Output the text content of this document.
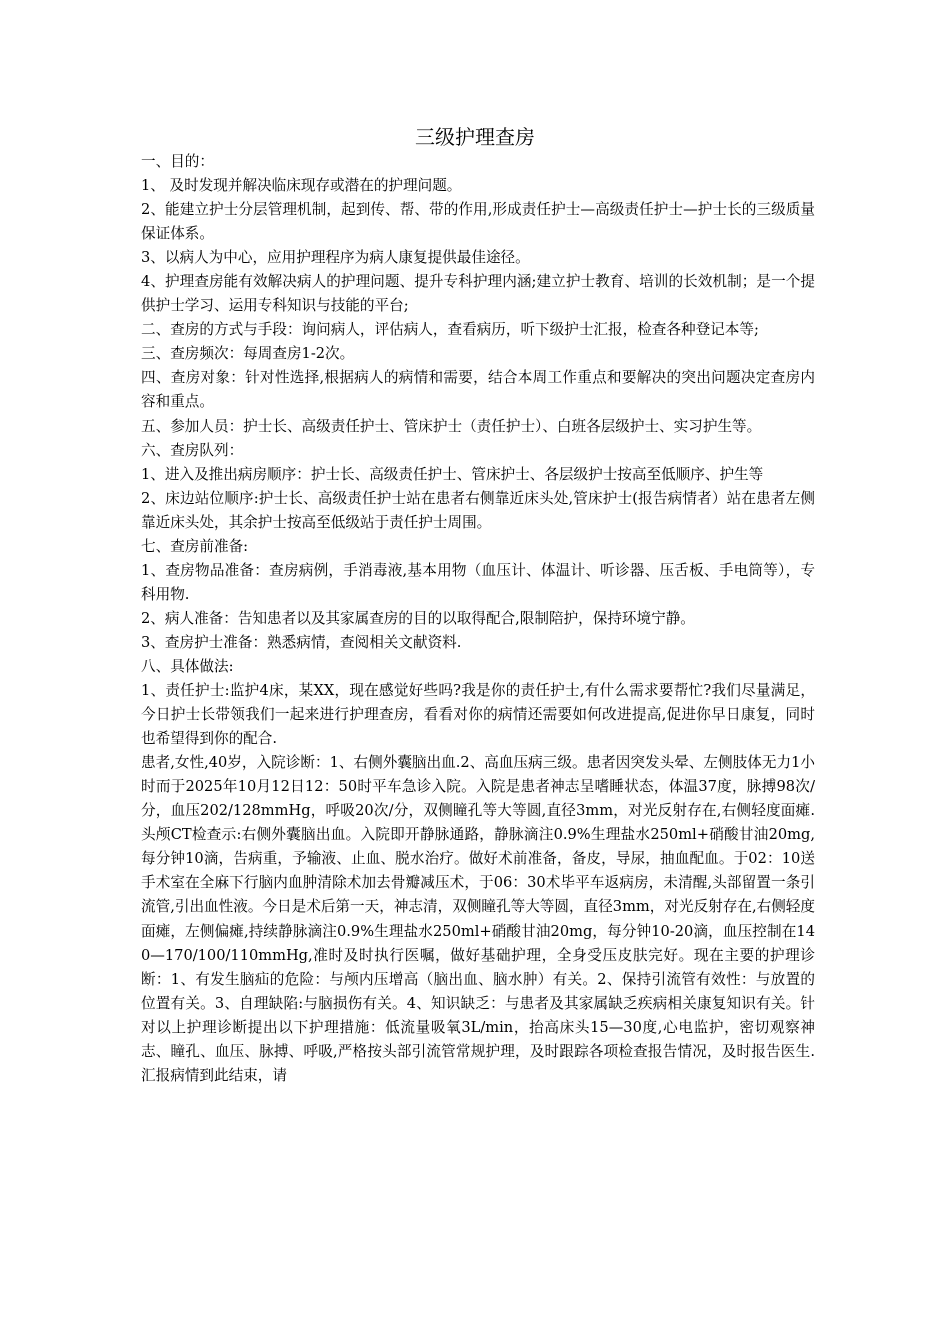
三级护理查房

一、目的：

1、 及时发现并解决临床现存或潜在的护理问题。

2、能建立护士分层管理机制，起到传、帮、带的作用,形成责任护士—高级责任护士—护士长的三级质量保证体系。

3、以病人为中心，应用护理程序为病人康复提供最佳途径。

4、护理查房能有效解决病人的护理问题、提升专科护理内涵;建立护士教育、培训的长效机制；是一个提供护士学习、运用专科知识与技能的平台;

二、查房的方式与手段：询问病人，评估病人，查看病历，听下级护士汇报，检查各种登记本等;

三、查房频次：每周查房1-2次。

四、查房对象：针对性选择,根据病人的病情和需要，结合本周工作重点和要解决的突出问题决定查房内容和重点。

五、参加人员：护士长、高级责任护士、管床护士（责任护士）、白班各层级护士、实习护生等。

六、查房队列：

1、进入及推出病房顺序：护士长、高级责任护士、管床护士、各层级护士按高至低顺序、护生等

2、床边站位顺序:护士长、高级责任护士站在患者右侧靠近床头处,管床护士(报告病情者）站在患者左侧靠近床头处，其余护士按高至低级站于责任护士周围。

七、查房前准备:

1、查房物品准备：查房病例，手消毒液,基本用物（血压计、体温计、听诊器、压舌板、手电筒等），专科用物.

2、病人准备：告知患者以及其家属查房的目的以取得配合,限制陪护，保持环境宁静。

3、查房护士准备：熟悉病情，查阅相关文献资料.

八、具体做法:

1、责任护士:监护4床，某XX，现在感觉好些吗?我是你的责任护士,有什么需求要帮忙?我们尽量满足，今日护士长带领我们一起来进行护理查房，看看对你的病情还需要如何改进提高,促进你早日康复，同时也希望得到你的配合.

患者,女性,40岁，入院诊断：1、右侧外囊脑出血.2、高血压病三级。患者因突发头晕、左侧肢体无力1小时而于2025年10月12日12：50时平车急诊入院。入院是患者神志呈嗜睡状态，体温37度，脉搏98次/分，血压202/128mmHg，呼吸20次/分，双侧瞳孔等大等圆,直径3mm，对光反射存在,右侧轻度面瘫.头颅CT检查示:右侧外囊脑出血。入院即开静脉通路，静脉滴注0.9%生理盐水250ml+硝酸甘油20mg,每分钟10滴，告病重，予输液、止血、脱水治疗。做好术前准备，备皮，导尿，抽血配血。于02：10送手术室在全麻下行脑内血肿清除术加去骨瓣减压术，于06：30术毕平车返病房，未清醒,头部留置一条引流管,引出血性液。今日是术后第一天，神志清，双侧瞳孔等大等圆，直径3mm，对光反射存在,右侧轻度面瘫，左侧偏瘫,持续静脉滴注0.9%生理盐水250ml+硝酸甘油20mg，每分钟10-20滴，血压控制在140—170/100/110mmHg,准时及时执行医嘱，做好基础护理，全身受压皮肤完好。现在主要的护理诊断：1、有发生脑疝的危险：与颅内压增高（脑出血、脑水肿）有关。2、保持引流管有效性：与放置的位置有关。3、自理缺陷:与脑损伤有关。4、知识缺乏：与患者及其家属缺乏疾病相关康复知识有关。针对以上护理诊断提出以下护理措施：低流量吸氧3L/min，抬高床头15—30度,心电监护，密切观察神志、瞳孔、血压、脉搏、呼吸,严格按头部引流管常规护理，及时跟踪各项检查报告情况，及时报告医生.汇报病情到此结束，请
